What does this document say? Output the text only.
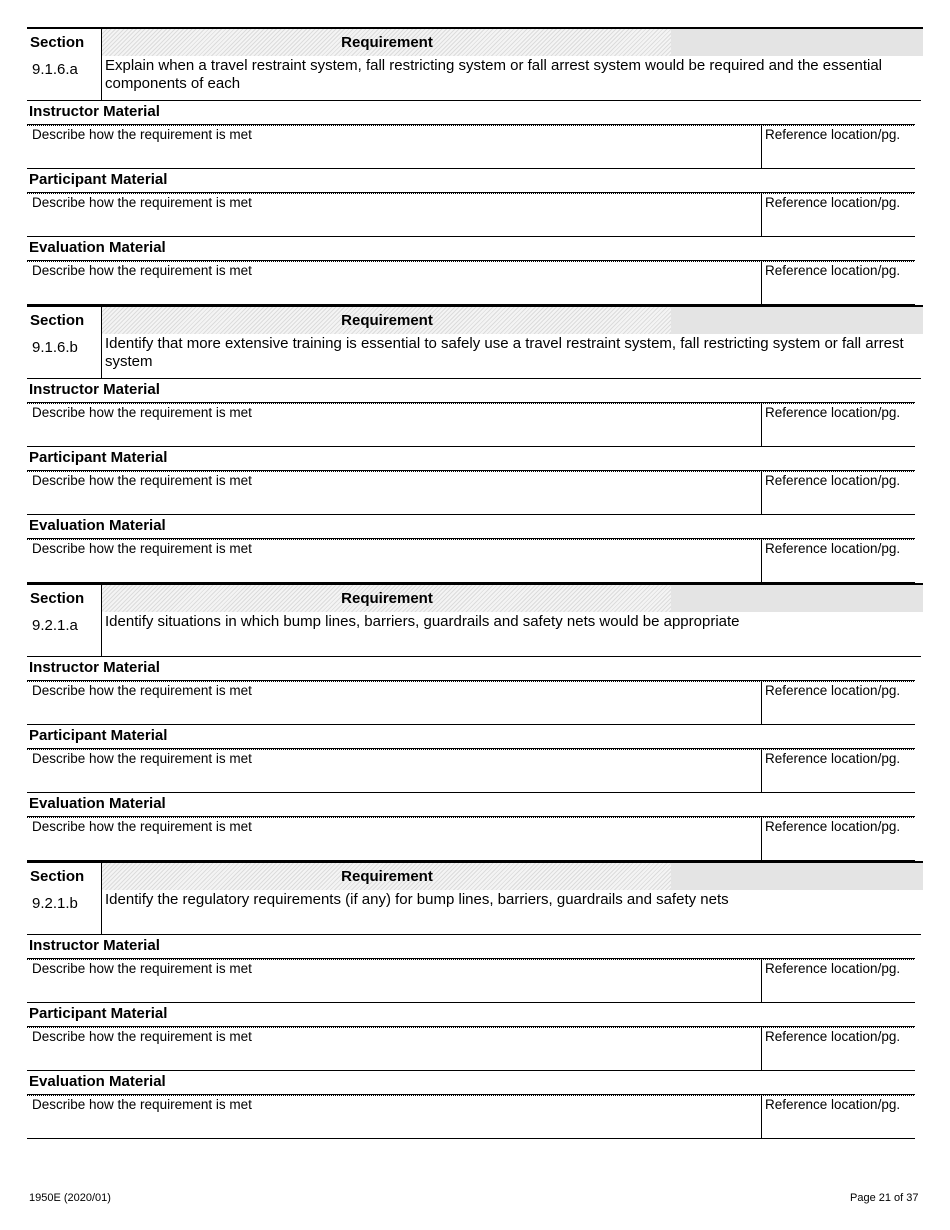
Section	Requirement
9.1.6.a	Explain when a travel restraint system, fall restricting system or fall arrest system would be required and the essential components of each
Instructor Material
Describe how the requirement is met	Reference location/pg.
Participant Material
Describe how the requirement is met	Reference location/pg.
Evaluation Material
Describe how the requirement is met	Reference location/pg.
Section	Requirement
9.1.6.b	Identify that more extensive training is essential to safely use a travel restraint system, fall restricting system or fall arrest system
Instructor Material
Describe how the requirement is met	Reference location/pg.
Participant Material
Describe how the requirement is met	Reference location/pg.
Evaluation Material
Describe how the requirement is met	Reference location/pg.
Section	Requirement
9.2.1.a	Identify situations in which bump lines, barriers, guardrails and safety nets would be appropriate
Instructor Material
Describe how the requirement is met	Reference location/pg.
Participant Material
Describe how the requirement is met	Reference location/pg.
Evaluation Material
Describe how the requirement is met	Reference location/pg.
Section	Requirement
9.2.1.b	Identify the regulatory requirements (if any) for bump lines, barriers, guardrails and safety nets
Instructor Material
Describe how the requirement is met	Reference location/pg.
Participant Material
Describe how the requirement is met	Reference location/pg.
Evaluation Material
Describe how the requirement is met	Reference location/pg.
1950E (2020/01)	Page 21 of 37
